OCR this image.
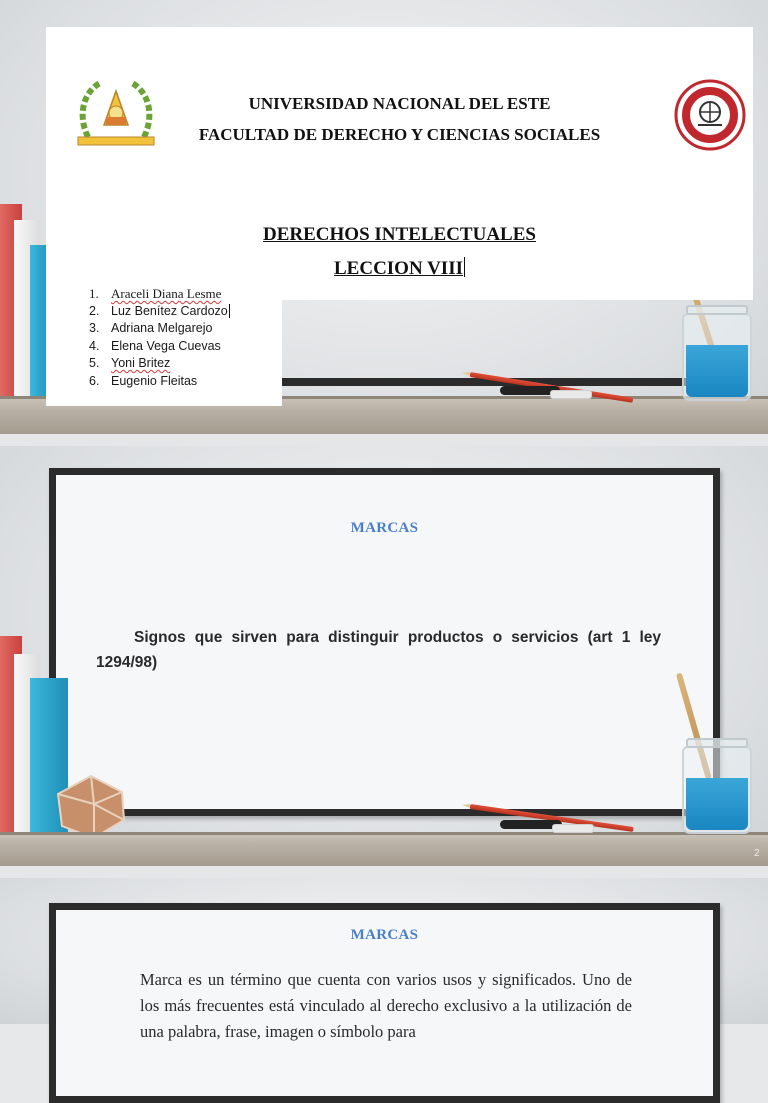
UNIVERSIDAD NACIONAL DEL ESTE
FACULTAD DE DERECHO Y CIENCIAS SOCIALES
DERECHOS INTELECTUALES
LECCION VIII
1. Araceli Diana Lesme
2. Luz Benítez Cardozo
3. Adriana Melgarejo
4. Elena Vega Cuevas
5. Yoni Britez
6. Eugenio Fleitas
MARCAS
Signos que sirven para distinguir productos o servicios (art 1 ley 1294/98)
2
MARCAS
Marca es un término que cuenta con varios usos y significados. Uno de los más frecuentes está vinculado al derecho exclusivo a la utilización de una palabra, frase, imagen o símbolo para
